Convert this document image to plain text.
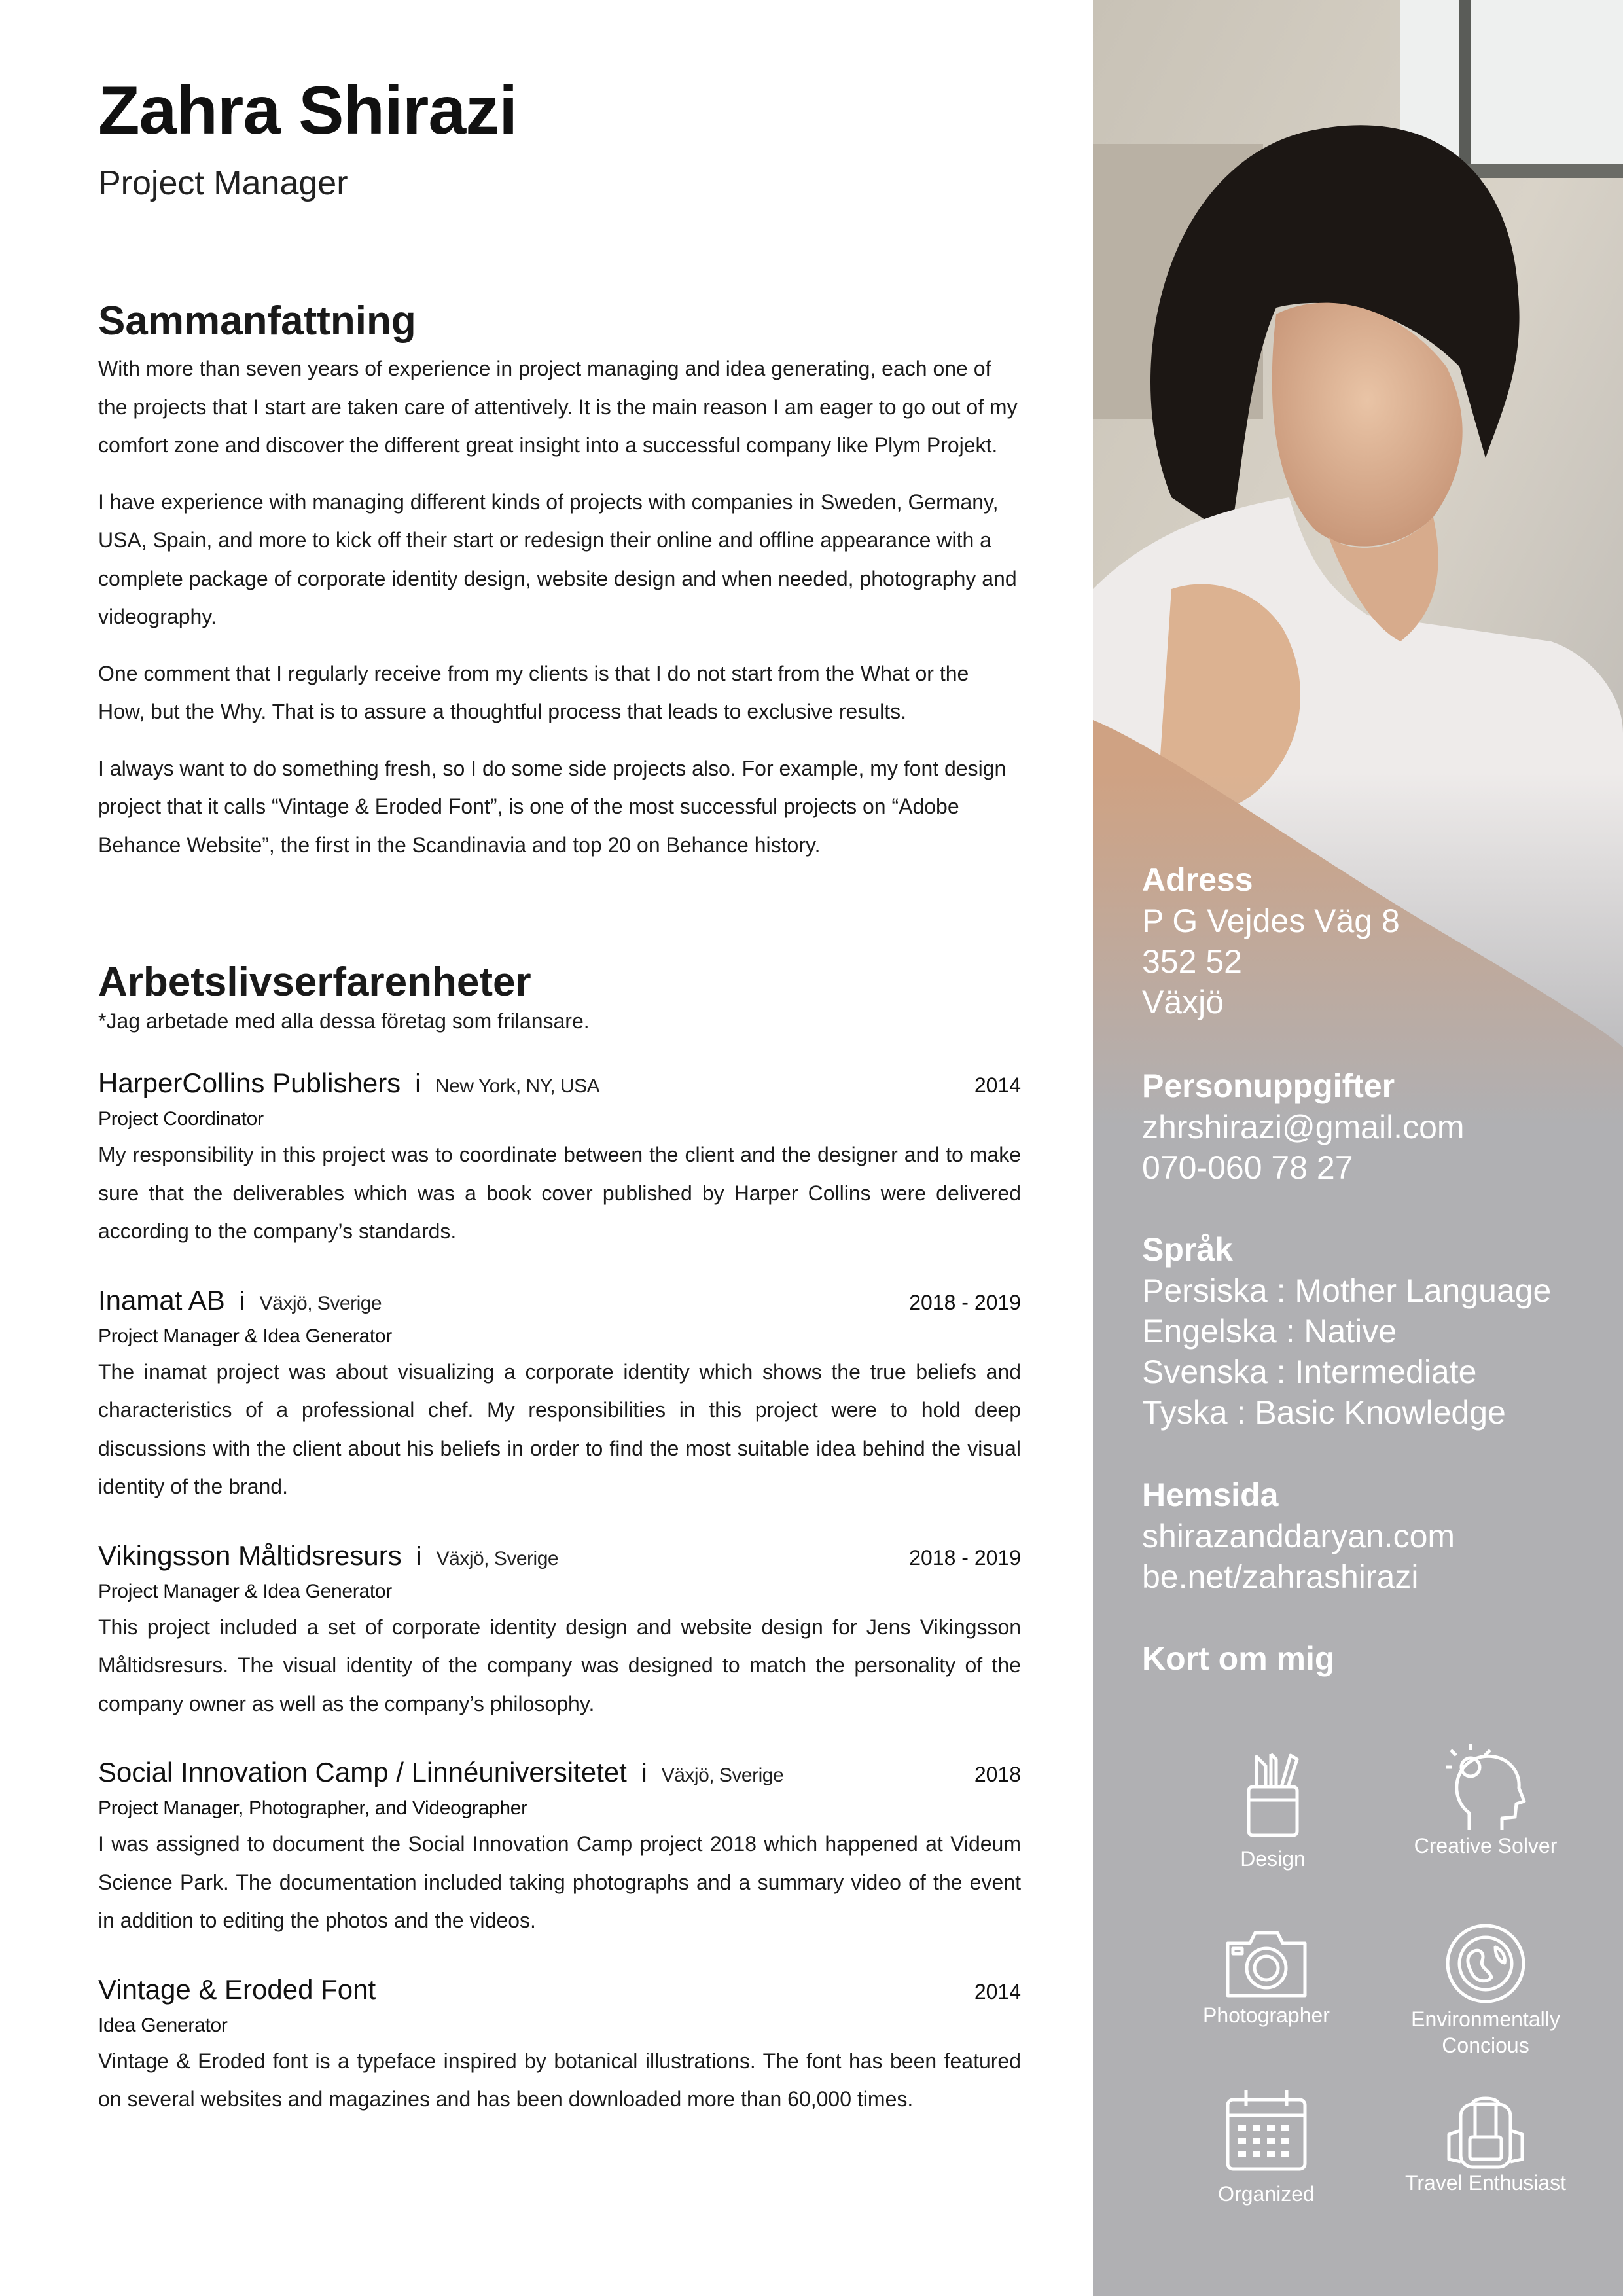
Zahra Shirazi
Project Manager
Sammanfattning

With more than seven years of experience in project managing and idea generating, each one of the projects that I start are taken care of attentively. It is the main reason I am eager to go out of my comfort zone and discover the different great insight into a successful company like Plym Projekt.

I have experience with managing different kinds of projects with companies in Sweden, Germany, USA, Spain, and more to kick off their start or redesign their online and offline appearance with a complete package of corporate identity design, website design and when needed, photography and videography.

One comment that I regularly receive from my clients is that I do not start from the What or the How, but the Why. That is to assure a thoughtful process that leads to exclusive results.

I always want to do something fresh, so I do some side projects also. For example, my font design project that it calls “Vintage & Eroded Font”, is one of the most successful projects on “Adobe Behance Website”, the first in the Scandinavia and top 20 on Behance history.

Arbetslivserfarenheter
*Jag arbetade med alla dessa företag som frilansare.
HarperCollins Publishers i New York, NY, USA	2014
Project Coordinator
My responsibility in this project was to coordinate between the client and the designer and to make sure that the deliverables which was a book cover published by Harper Collins were delivered according to the company’s standards.
Inamat AB i Växjö, Sverige	2018 - 2019
Project Manager & Idea Generator
The inamat project was about visualizing a corporate identity which shows the true beliefs and characteristics of a professional chef. My responsibilities in this project were to hold deep discussions with the client about his beliefs in order to find the most suitable idea behind the visual identity of the brand.
Vikingsson Måltidsresurs i Växjö, Sverige	2018 - 2019
Project Manager & Idea Generator
This project included a set of corporate identity design and website design for Jens Vikingsson Måltidsresurs. The visual identity of the company was designed to match the personality of the company owner as well as the company’s philosophy.
Social Innovation Camp / Linnéuniversitetet i Växjö, Sverige	2018
Project Manager, Photographer, and Videographer
I was assigned to document the Social Innovation Camp project 2018 which happened at Videum Science Park. The documentation included taking photographs and a summary video of the event in addition to editing the photos and the videos.
Vintage & Eroded Font	2014
Idea Generator
Vintage & Eroded font is a typeface inspired by botanical illustrations. The font has been featured on several websites and magazines and has been downloaded more than 60,000 times.
Adress
P G Vejdes Väg 8
352 52
Växjö
Personuppgifter
zhrshirazi@gmail.com
070-060 78 27
Språk
Persiska : Mother Language
Engelska : Native
Svenska : Intermediate
Tyska : Basic Knowledge
Hemsida
shirazanddaryan.com
be.net/zahrashirazi
Kort om mig
Design
Creative Solver
Photographer	Environmentally Concious
Organized	Travel Enthusiast
